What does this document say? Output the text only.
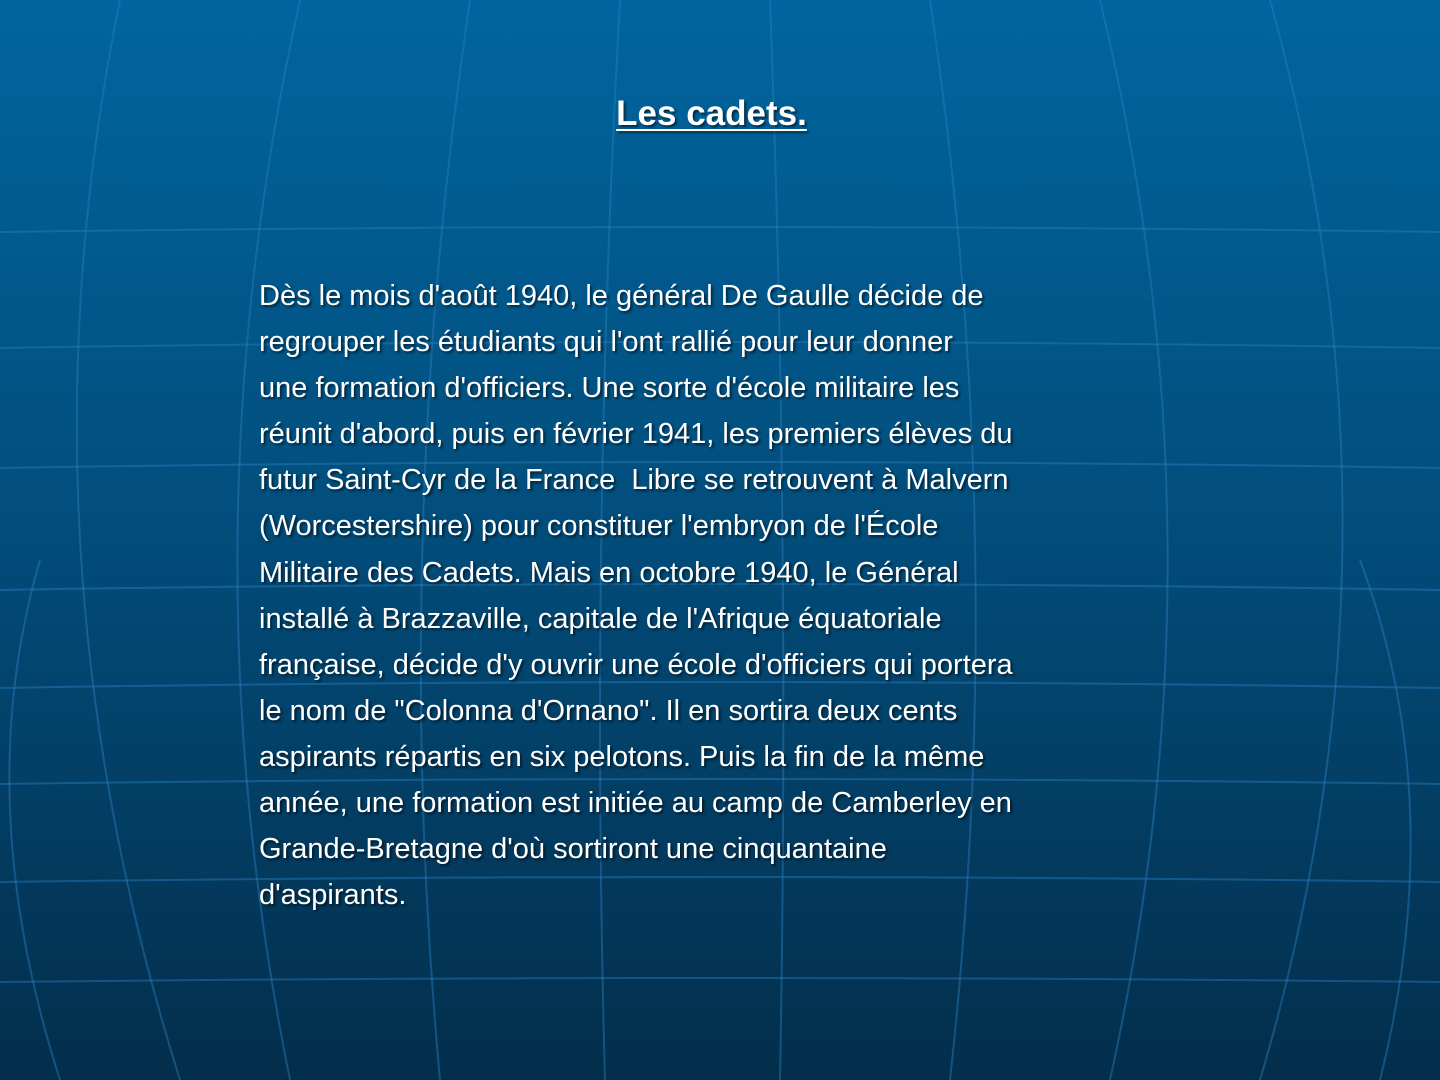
Les cadets.
Dès le mois d'août 1940, le général De Gaulle décide de
regrouper les étudiants qui l'ont rallié pour leur donner
une formation d'officiers. Une sorte d'école militaire les
réunit d'abord, puis en février 1941, les premiers élèves du
futur Saint-Cyr de la France  Libre se retrouvent à Malvern
(Worcestershire) pour constituer l'embryon de l'École
Militaire des Cadets. Mais en octobre 1940, le Général
installé à Brazzaville, capitale de l'Afrique équatoriale
française, décide d'y ouvrir une école d'officiers qui portera
le nom de "Colonna d'Ornano". Il en sortira deux cents
aspirants répartis en six pelotons. Puis la fin de la même
année, une formation est initiée au camp de Camberley en
Grande-Bretagne d'où sortiront une cinquantaine
d'aspirants.
